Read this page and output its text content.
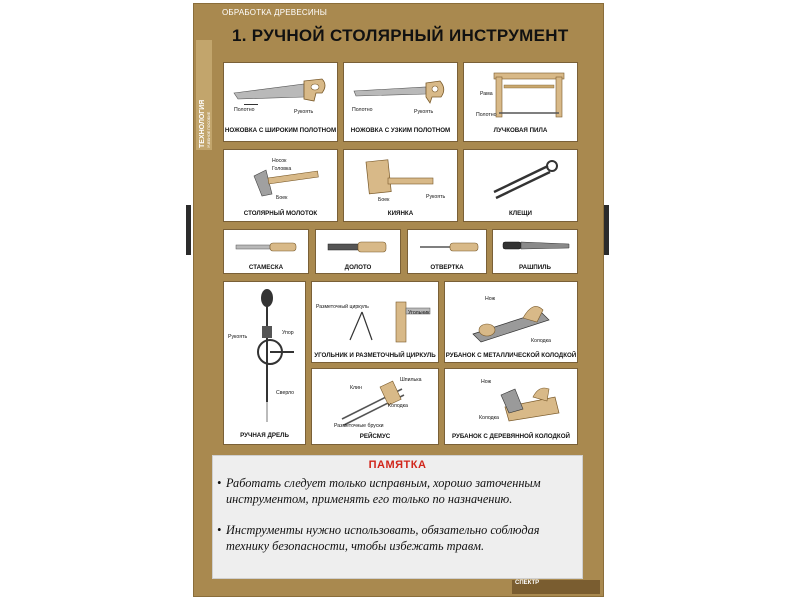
ТЕХНОЛОГИЯ УЧЕБНОЕ ПОСОБИЕ
ОБРАБОТКА ДРЕВЕСИНЫ
1. РУЧНОЙ СТОЛЯРНЫЙ ИНСТРУМЕНТ
Полотно	Рукоять
НОЖОВКА С ШИРОКИМ ПОЛОТНОМ
Полотно	Рукоять
НОЖОВКА С УЗКИМ ПОЛОТНОМ
Рама
Полотно
ЛУЧКОВАЯ ПИЛА
Носок
Головка
Боек
СТОЛЯРНЫЙ МОЛОТОК
Боек	Рукоять
КИЯНКА	КЛЕЩИ
СТАМЕСКА	ДОЛОТО	ОТВЕРТКА	РАШПИЛЬ
Рукоять
Упор
Сверло
РУЧНАЯ ДРЕЛЬ
Разметочный циркуль
Угольник
УГОЛЬНИК И РАЗМЕТОЧНЫЙ ЦИРКУЛЬ
Нож
Колодка
РУБАНОК С МЕТАЛЛИЧЕСКОЙ КОЛОДКОЙ
Клин
Шпилька
Колодка
Разметочные бруски
РЕЙСМУС
Нож
Колодка
РУБАНОК С ДЕРЕВЯННОЙ КОЛОДКОЙ
ПАМЯТКА
• Работать следует только исправным, хорошо заточенным инструментом, применять его только по назначению.
• Инструменты нужно использовать, обязательно соблюдая технику безопасности, чтобы избежать травм.
СПЕКТР
